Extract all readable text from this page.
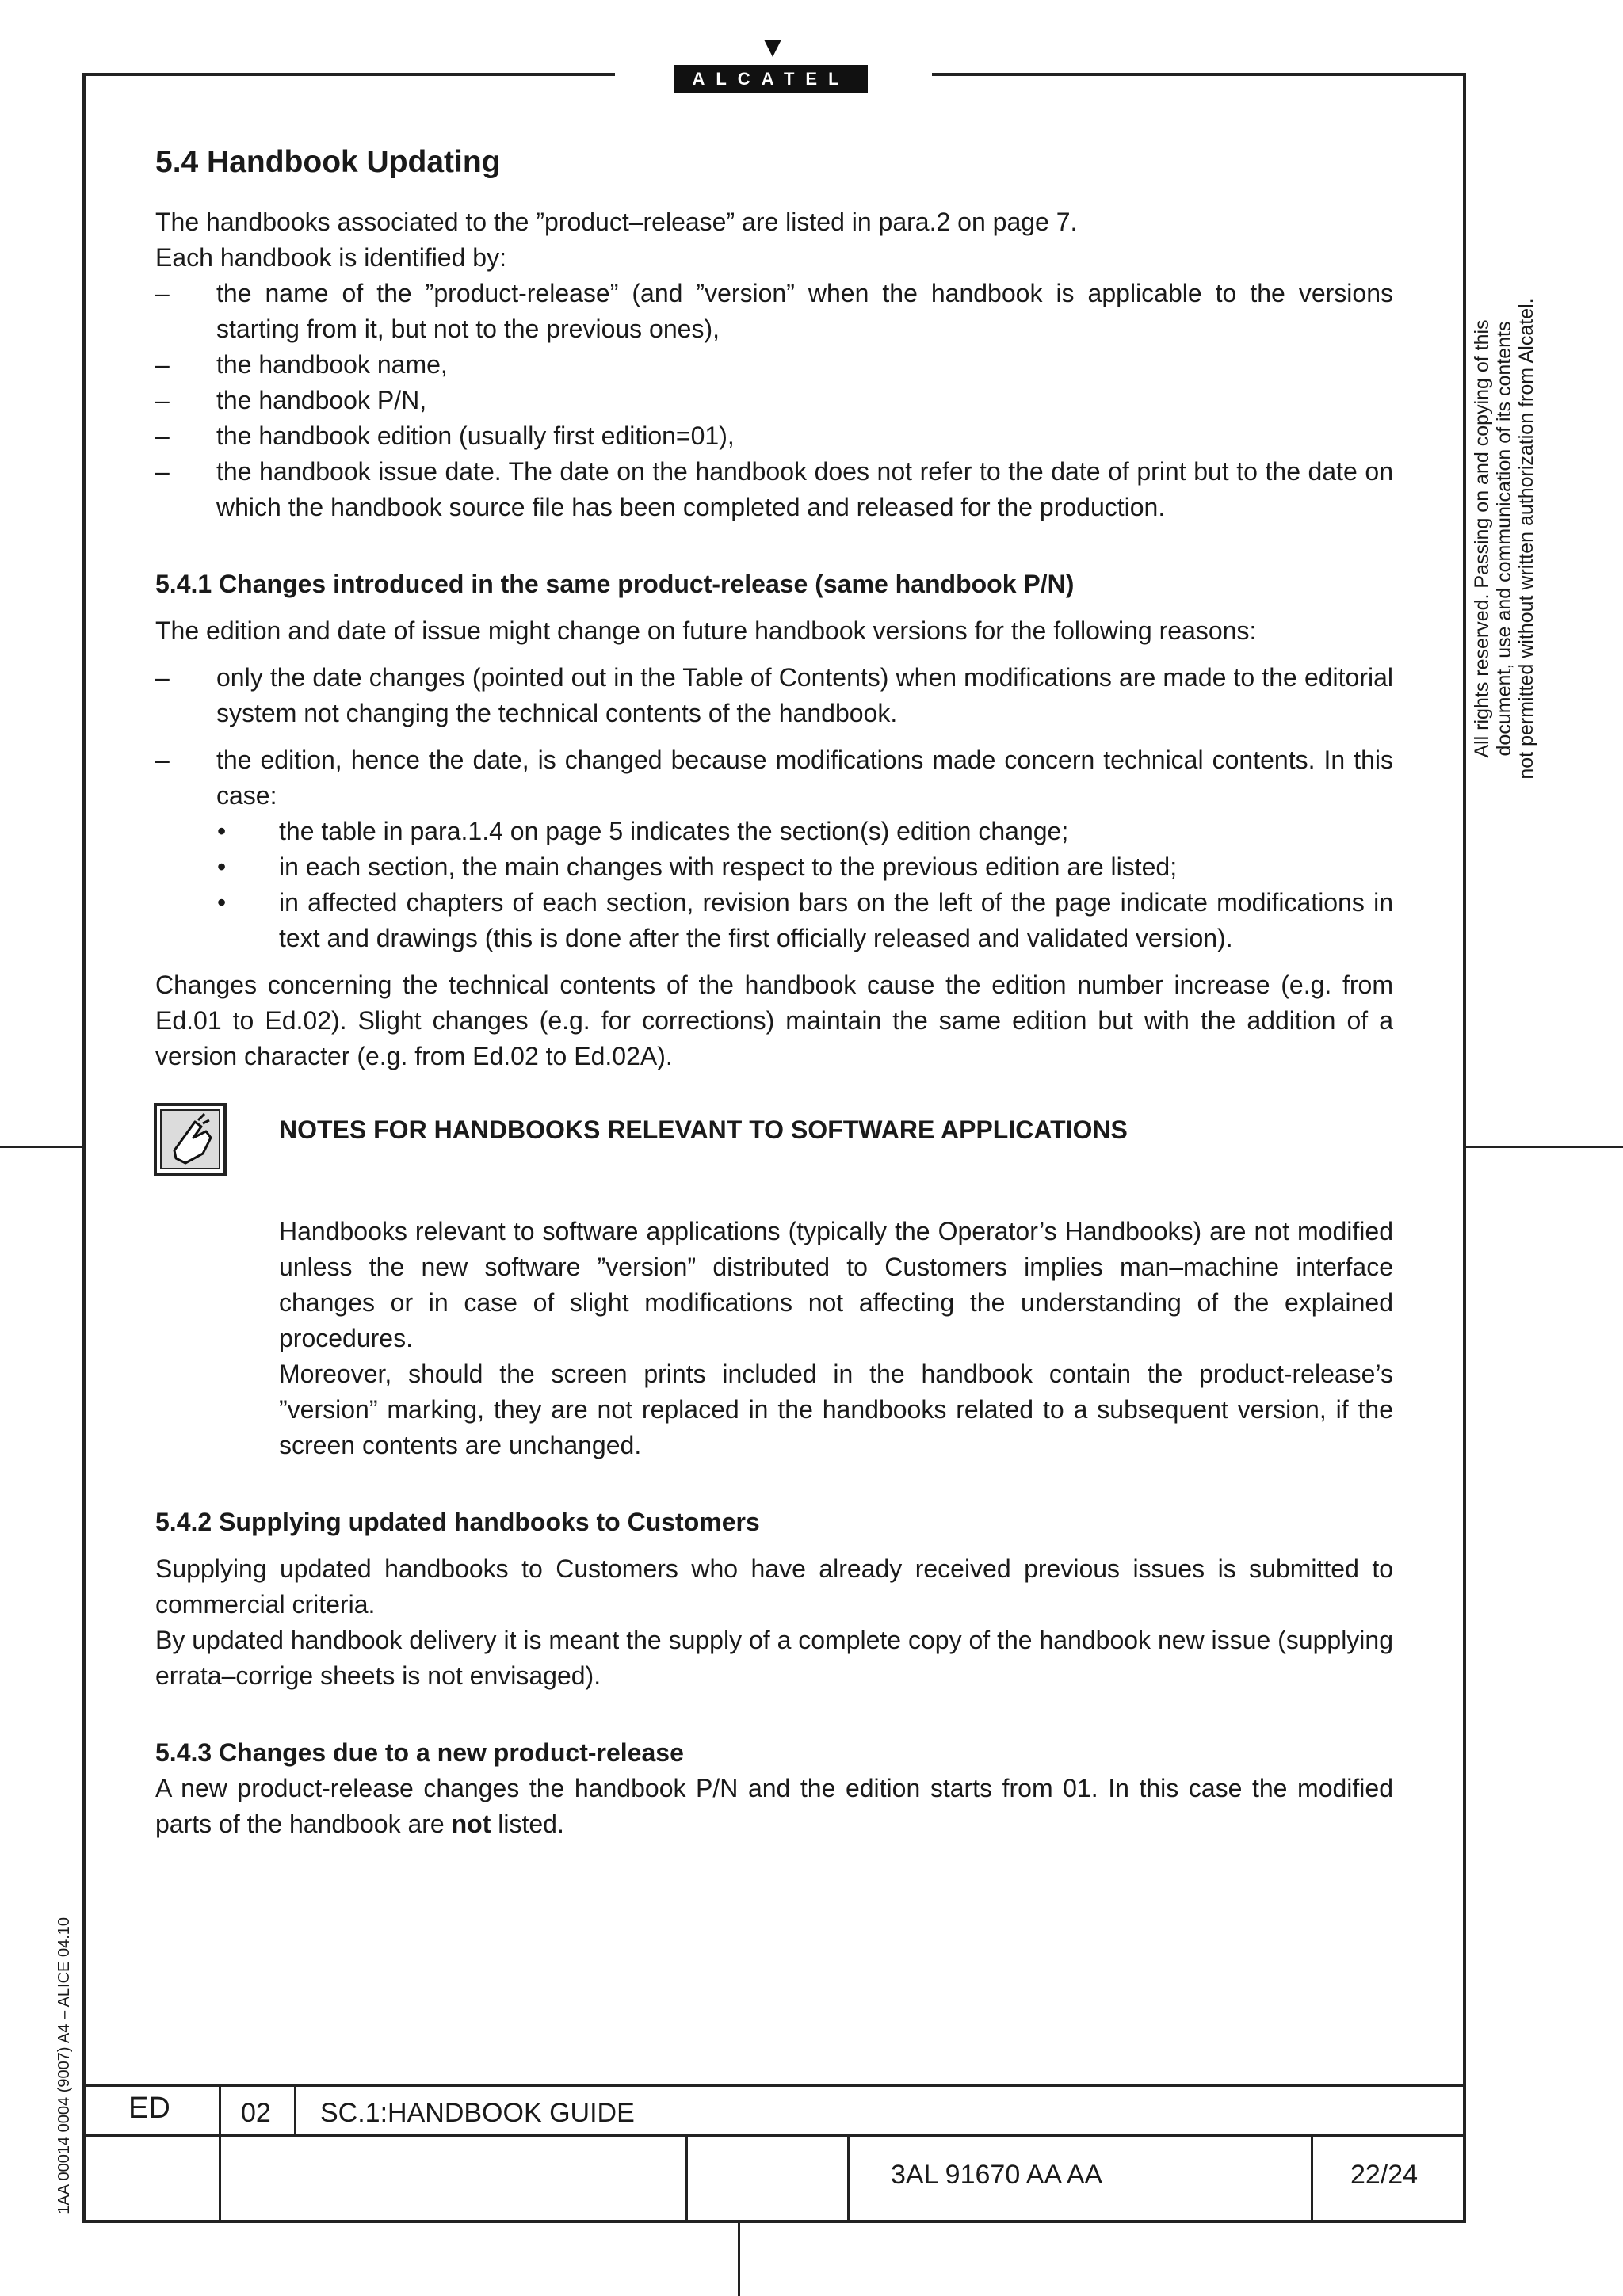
ALCATEL
5.4 Handbook Updating

The handbooks associated to the ”product–release” are listed in para.2 on page 7.

Each handbook is identified by:

– the name of the ”product-release” (and ”version” when the handbook is applicable to the versions starting from it, but not to the previous ones),
– the handbook name,
– the handbook P/N,
– the handbook edition (usually first edition=01),
– the handbook issue date. The date on the handbook does not refer to the date of print but to the date on which the handbook source file has been completed and released for the production.
5.4.1 Changes introduced in the same product-release (same handbook P/N)

The edition and date of issue might change on future handbook versions for the following reasons:

– only the date changes (pointed out in the Table of Contents) when modifications are made to the editorial system not changing the technical contents of the handbook.
– the edition, hence the date, is changed because modifications made concern technical contents. In this case:
• the table in para.1.4 on page 5 indicates the section(s) edition change;
• in each section, the main changes with respect to the previous edition are listed;
• in affected chapters of each section, revision bars on the left of the page indicate modifications in text and drawings (this is done after the first officially released and validated version).

Changes concerning the technical contents of the handbook cause the edition number increase (e.g. from Ed.01 to Ed.02). Slight changes (e.g. for corrections) maintain the same edition but with the addition of a version character (e.g. from Ed.02 to Ed.02A).

NOTES FOR HANDBOOKS RELEVANT TO SOFTWARE APPLICATIONS

Handbooks relevant to software applications (typically the Operator’s Handbooks) are not modified unless the new software ”version” distributed to Customers implies man–machine interface changes or in case of slight modifications not affecting the understanding of the explained procedures.

Moreover, should the screen prints included in the handbook contain the product-release’s ”version” marking, they are not replaced in the handbooks related to a subsequent version, if the screen contents are unchanged.

5.4.2 Supplying updated handbooks to Customers

Supplying updated handbooks to Customers who have already received previous issues is submitted to commercial criteria.

By updated handbook delivery it is meant the supply of a complete copy of the handbook new issue (supplying errata–corrige sheets is not envisaged).

5.4.3 Changes due to a new product-release

A new product-release changes the handbook P/N and the edition starts from 01. In this case the modified parts of the handbook are not listed.

All rights reserved. Passing on and copying of this document, use and communication of its contents not permitted without written authorization from Alcatel.
1AA 00014 0004 (9007) A4 – ALICE 04.10 ED	02 SC.1:HANDBOOK GUIDE
3AL 91670 AA AA	22/24
